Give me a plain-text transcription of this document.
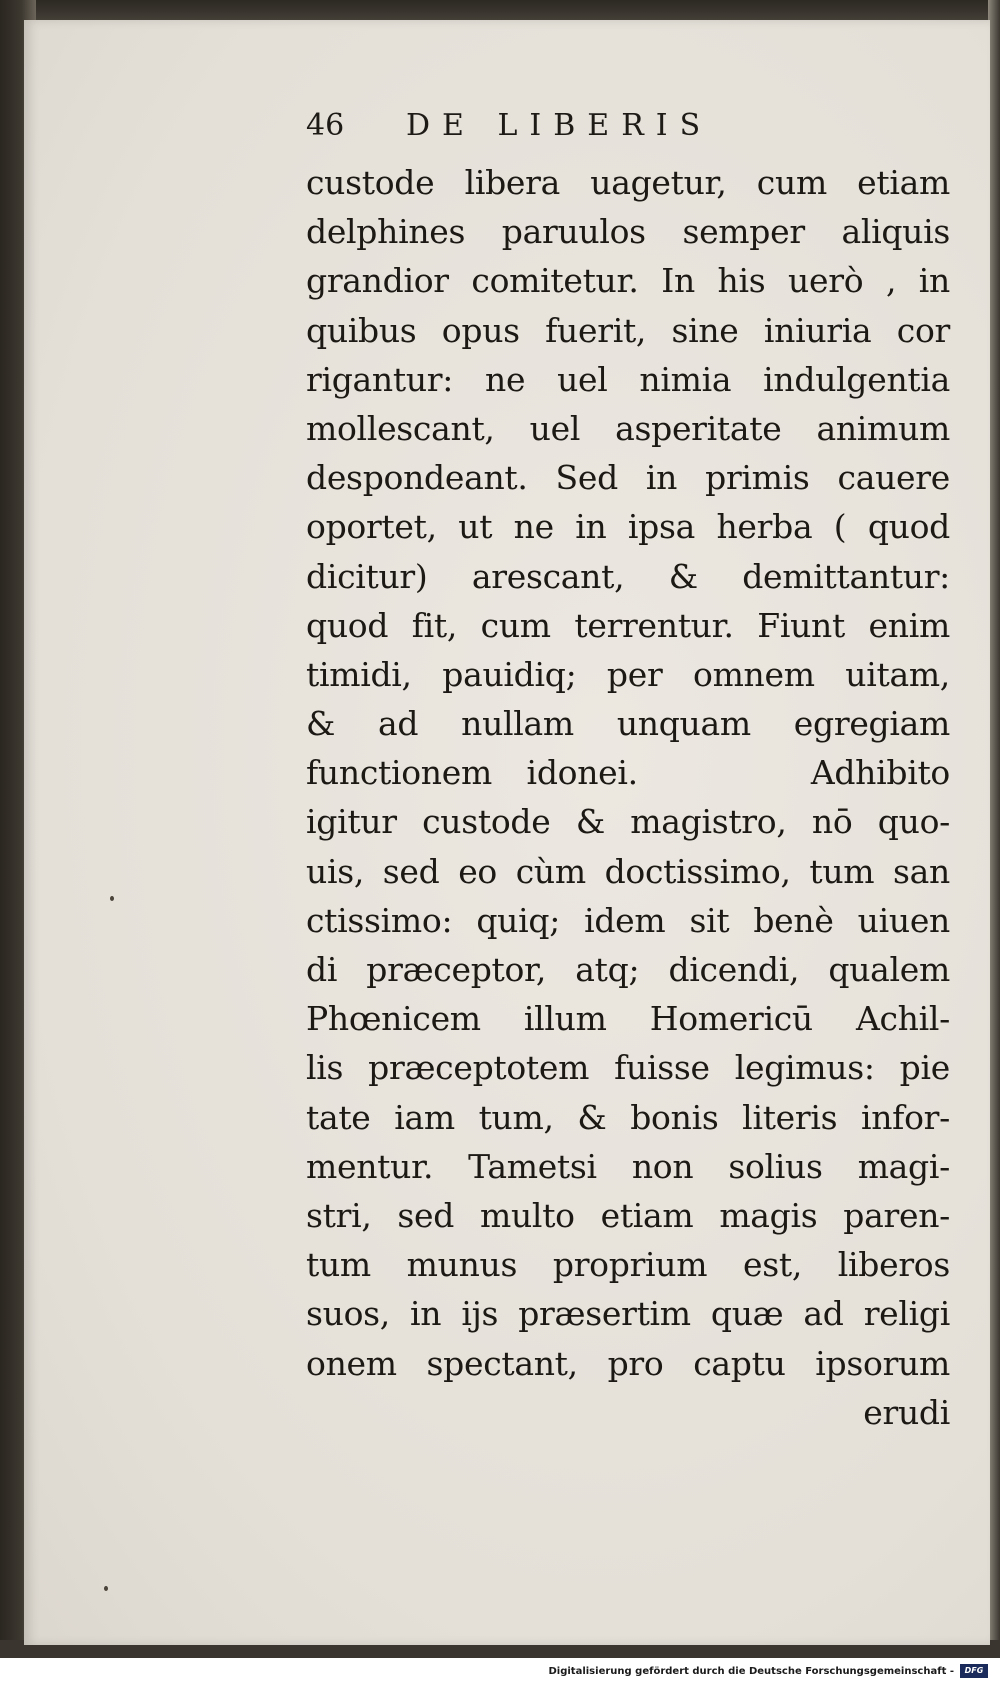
46	DE LIBERIS
custode libera uagetur, cum etiam
delphines paruulos semper aliquis
grandior comitetur. In his uerò , in
quibus opus fuerit, sine iniuria cor
rigantur: ne uel nimia indulgentia
mollescant, uel asperitate animum
despondeant. Sed in primis cauere
oportet, ut ne in ipsa herba ( quod
dicitur) arescant, & demittantur:
quod fit, cum terrentur. Fiunt enim
timidi, pauidiq; per omnem uitam,
& ad nullam unquam egregiam
functionem idonei.     Adhibito
igitur custode & magistro, nō quo-
uis, sed eo cùm doctissimo, tum san
ctissimo: quiq; idem sit benè uiuen
di præceptor, atq; dicendi, qualem
Phœnicem illum Homericū Achil-
lis præceptotem fuisse legimus: pie
tate iam tum, & bonis literis infor-
mentur. Tametsi non solius magi-
stri, sed multo etiam magis paren-
tum munus proprium est, liberos
suos, in ijs præsertim quæ ad religi
onem spectant, pro captu ipsorum
erudi
Digitalisierung gefördert durch die Deutsche Forschungsgemeinschaft -	DFG
